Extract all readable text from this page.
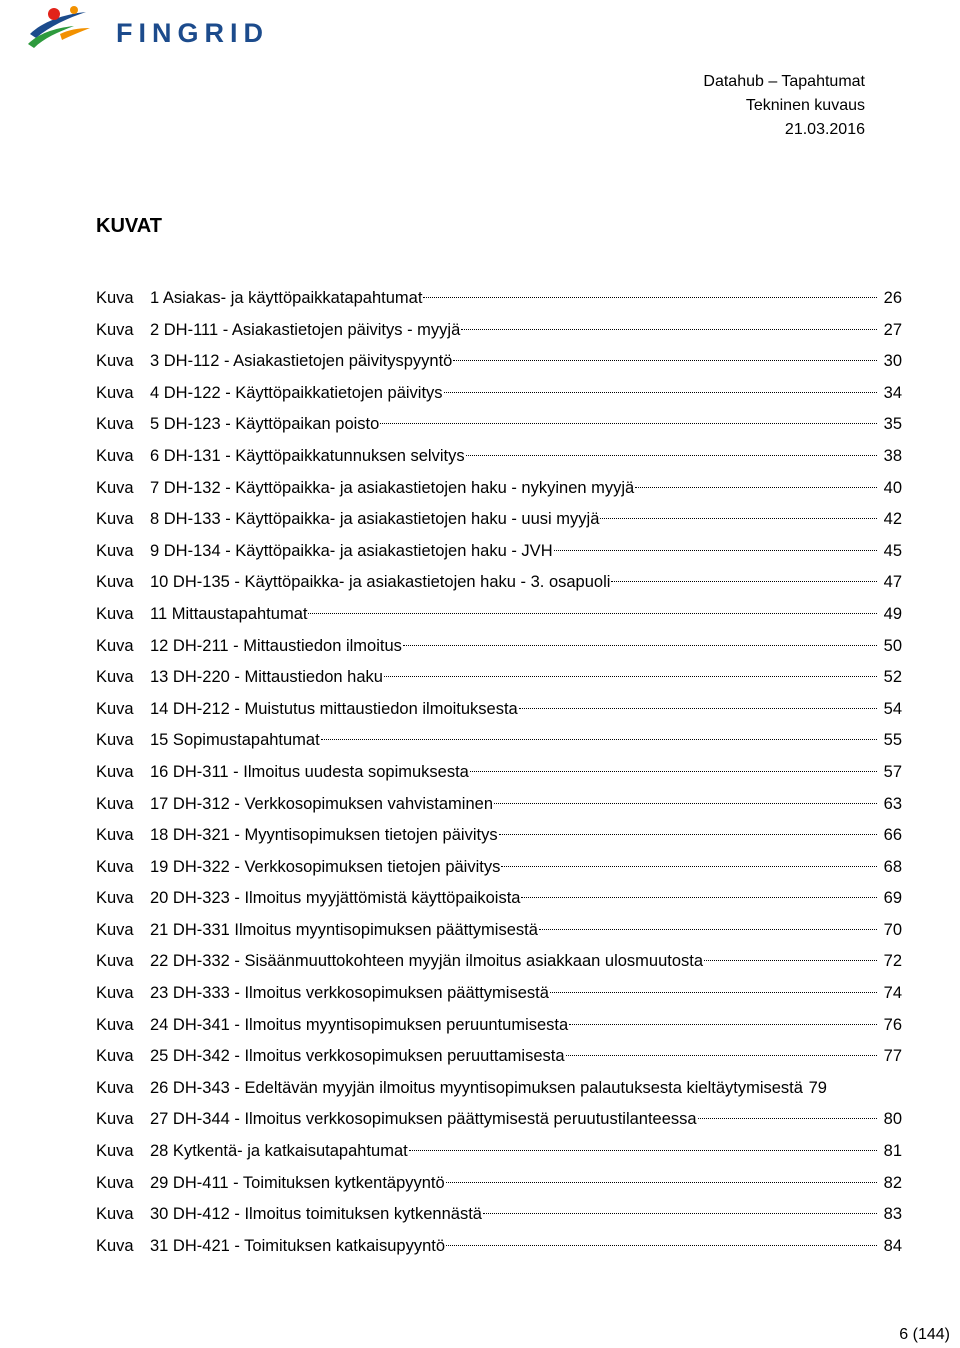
FINGRID
Datahub – Tapahtumat
Tekninen kuvaus
21.03.2016
KUVAT
Kuva 1 Asiakas- ja käyttöpaikkatapahtumat	26
Kuva 2 DH-111 - Asiakastietojen päivitys - myyjä	27
Kuva 3 DH-112 - Asiakastietojen päivityspyyntö	30
Kuva 4 DH-122 - Käyttöpaikkatietojen päivitys	34
Kuva 5 DH-123 - Käyttöpaikan poisto	35
Kuva 6 DH-131 - Käyttöpaikkatunnuksen selvitys	38
Kuva 7 DH-132 - Käyttöpaikka- ja asiakastietojen haku - nykyinen myyjä	40
Kuva 8 DH-133 - Käyttöpaikka- ja asiakastietojen haku - uusi myyjä	42
Kuva 9 DH-134 - Käyttöpaikka- ja asiakastietojen haku - JVH	45
Kuva 10 DH-135 - Käyttöpaikka- ja asiakastietojen haku - 3. osapuoli	47
Kuva 11 Mittaustapahtumat	49
Kuva 12 DH-211 - Mittaustiedon ilmoitus	50
Kuva 13 DH-220 - Mittaustiedon haku	52
Kuva 14 DH-212 - Muistutus mittaustiedon ilmoituksesta	54
Kuva 15 Sopimustapahtumat	55
Kuva 16 DH-311 - Ilmoitus uudesta sopimuksesta	57
Kuva 17 DH-312 - Verkkosopimuksen vahvistaminen	63
Kuva 18 DH-321 - Myyntisopimuksen tietojen päivitys	66
Kuva 19 DH-322 - Verkkosopimuksen tietojen päivitys	68
Kuva 20 DH-323 - Ilmoitus myyjättömistä käyttöpaikoista	69
Kuva 21 DH-331 Ilmoitus myyntisopimuksen päättymisestä	70
Kuva 22 DH-332 - Sisäänmuuttokohteen myyjän ilmoitus asiakkaan ulosmuutosta	72
Kuva 23 DH-333 - Ilmoitus verkkosopimuksen päättymisestä	74
Kuva 24 DH-341 - Ilmoitus myyntisopimuksen peruuntumisesta	76
Kuva 25 DH-342 - Ilmoitus verkkosopimuksen peruuttamisesta	77
Kuva 26 DH-343 - Edeltävän myyjän ilmoitus myyntisopimuksen palautuksesta kieltäytymisestä 79
Kuva 27 DH-344 - Ilmoitus verkkosopimuksen päättymisestä peruutustilanteessa	80
Kuva 28 Kytkentä- ja katkaisutapahtumat	81
Kuva 29 DH-411 - Toimituksen kytkentäpyyntö	82
Kuva 30 DH-412 - Ilmoitus toimituksen kytkennästä	83
Kuva 31 DH-421 - Toimituksen katkaisupyyntö	84
6 (144)
